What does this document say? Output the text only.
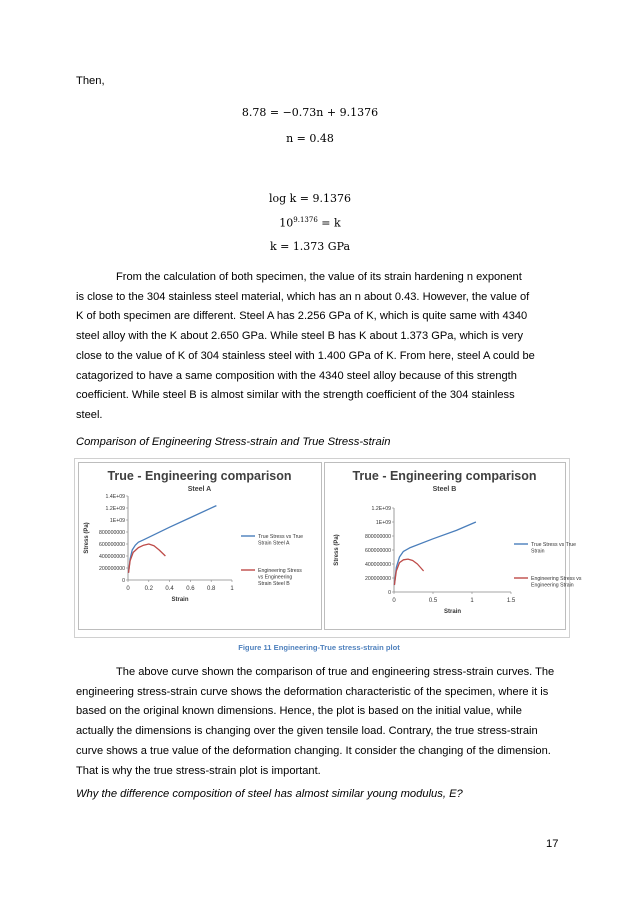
Then,
8.78 = −0.73n + 9.1376
n = 0.48
log k = 9.1376
$10^{9.1376} = k$
k = 1.373 GPa
From the calculation of both specimen, the value of its strain hardening n exponent
is close to the 304 stainless steel material, which has an n about 0.43. However, the value of
K of both specimen are different. Steel A has 2.256 GPa of K, which is quite same with 4340
steel alloy with the K about 2.650 GPa. While steel B has K about 1.373 GPa, which is very
close to the value of K of 304 stainless steel with 1.400 GPa of K. From here, steel A could be
catagorized to have a same composition with the 4340 steel alloy because of this strength
coefficient. While steel B is almost similar with the strength coefficient of the 304 stainless
steel.
Comparison of Engineering Stress-strain and True Stress-strain
True - Engineering comparison
Steel A
0
200000000
400000000
600000000
800000000
1E+09
1.2E+09
1.4E+09
0 0.2 0.4 0.6 0.8 1
Strain
Stress (Pa)	True Stress vs True Strain Steel A
Engineering Stress vs Engineering Strain Steel B
True - Engineering comparison
Steel B
0
200000000
400000000
600000000
800000000
1E+09
1.2E+09
0	0.5	1	1.5
Strain
Stress (Pa)	True Stress vs True Strain
Engineering Stress vs Engineering Strain
Figure 11 Engineering-True stress-strain plot
The above curve shown the comparison of true and engineering stress-strain curves. The
engineering stress-strain curve shows the deformation characteristic of the specimen, where it is
based on the original known dimensions. Hence, the plot is based on the initial value, while
actually the dimensions is changing over the given tensile load. Contrary, the true stress-strain
curve shows a true value of the deformation changing. It consider the changing of the dimension.
That is why the true stress-strain plot is important.
Why the difference composition of steel has almost similar young modulus, E?
17
